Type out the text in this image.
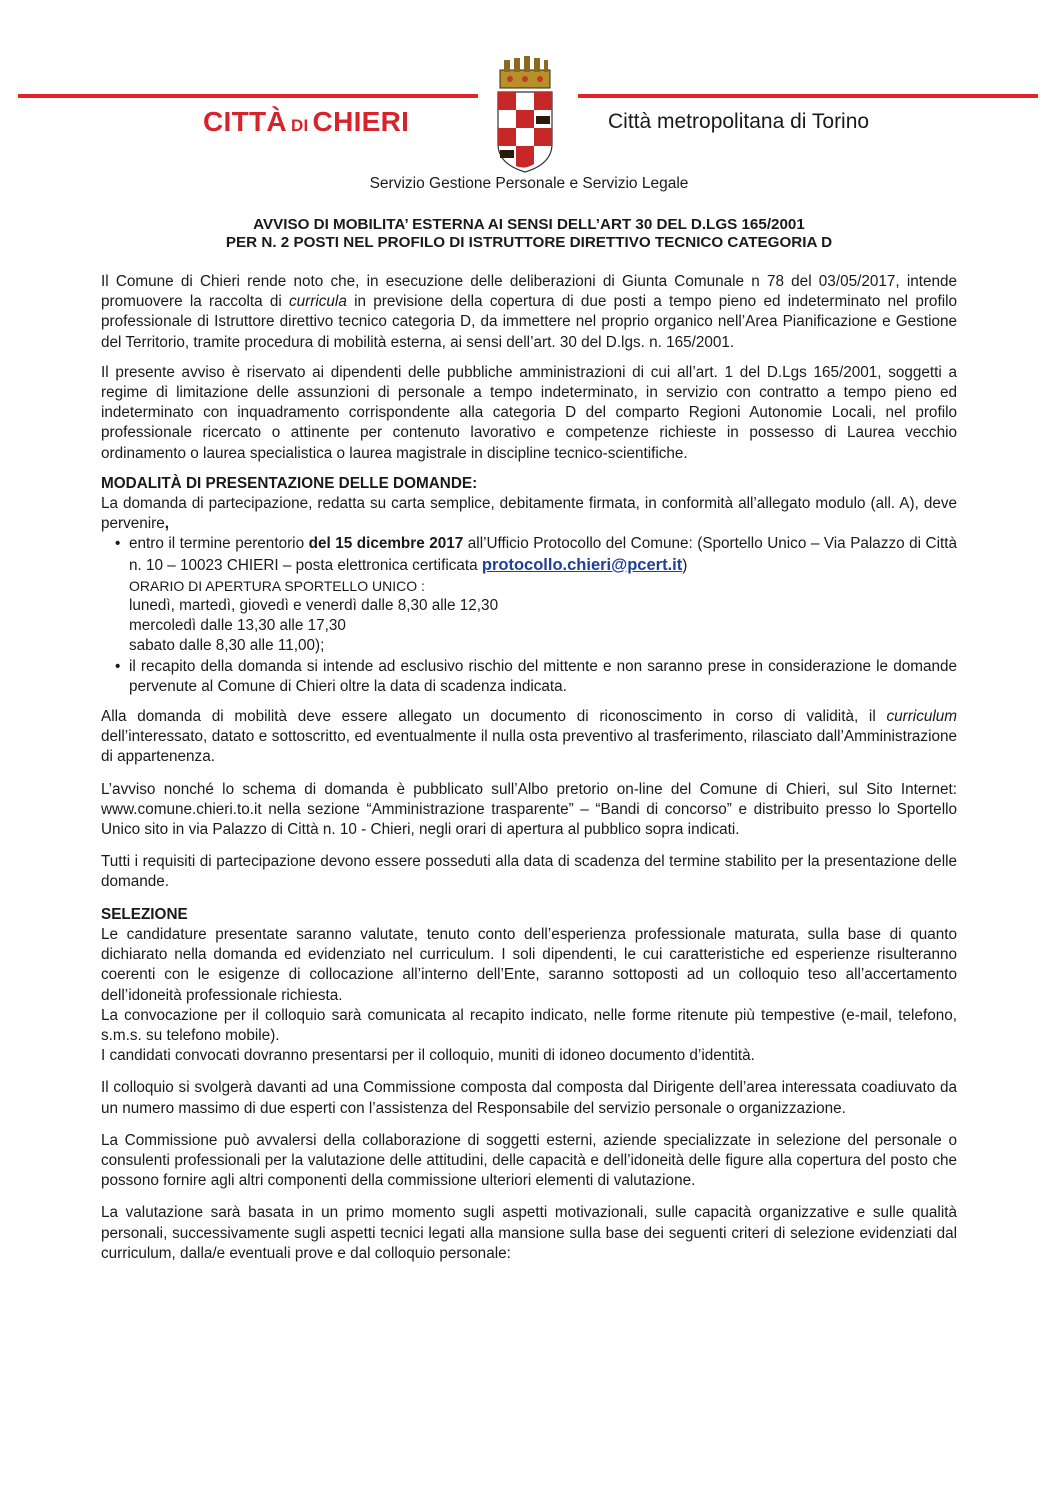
CITTÀ DI CHIERI	Città metropolitana di Torino
Servizio Gestione Personale e Servizio Legale
AVVISO DI MOBILITA’ ESTERNA AI SENSI DELL’ART 30 DEL D.LGS 165/2001
PER N. 2 POSTI NEL PROFILO DI ISTRUTTORE DIRETTIVO TECNICO CATEGORIA D

Il Comune di Chieri rende noto che, in esecuzione delle deliberazioni di Giunta Comunale n 78 del 03/05/2017, intende promuovere la raccolta di curricula in previsione della copertura di due posti a tempo pieno ed indeterminato nel profilo professionale di Istruttore direttivo tecnico categoria D, da immettere nel proprio organico nell’Area Pianificazione e Gestione del Territorio, tramite procedura di mobilità esterna, ai sensi dell’art. 30 del D.lgs. n. 165/2001.

Il presente avviso è riservato ai dipendenti delle pubbliche amministrazioni di cui all’art. 1 del D.Lgs 165/2001, soggetti a regime di limitazione delle assunzioni di personale a tempo indeterminato, in servizio con contratto a tempo pieno ed indeterminato con inquadramento corrispondente alla categoria D del comparto Regioni Autonomie Locali, nel profilo professionale ricercato o attinente per contenuto lavorativo e competenze richieste in possesso di Laurea vecchio ordinamento o laurea specialistica o laurea magistrale in discipline tecnico-scientifiche.

MODALITÀ DI PRESENTAZIONE DELLE DOMANDE:

La domanda di partecipazione, redatta su carta semplice, debitamente firmata, in conformità all’allegato modulo (all. A), deve pervenire,

• entro il termine perentorio del 15 dicembre 2017 all’Ufficio Protocollo del Comune: (Sportello Unico – Via Palazzo di Città n. 10 – 10023 CHIERI – posta elettronica certificata protocollo.chieri@pcert.it)
ORARIO DI APERTURA SPORTELLO UNICO :
lunedì, martedì, giovedì e venerdì dalle 8,30 alle 12,30
mercoledì dalle 13,30 alle 17,30
sabato dalle 8,30 alle 11,00);
• il recapito della domanda si intende ad esclusivo rischio del mittente e non saranno prese in considerazione le domande pervenute al Comune di Chieri oltre la data di scadenza indicata.

Alla domanda di mobilità deve essere allegato un documento di riconoscimento in corso di validità, il curriculum dell’interessato, datato e sottoscritto, ed eventualmente il nulla osta preventivo al trasferimento, rilasciato dall’Amministrazione di appartenenza.

L’avviso nonché lo schema di domanda è pubblicato sull’Albo pretorio on-line del Comune di Chieri, sul Sito Internet: www.comune.chieri.to.it nella sezione “Amministrazione trasparente” – “Bandi di concorso” e distribuito presso lo Sportello Unico sito in via Palazzo di Città n. 10 - Chieri, negli orari di apertura al pubblico sopra indicati.

Tutti i requisiti di partecipazione devono essere posseduti alla data di scadenza del termine stabilito per la presentazione delle domande.

SELEZIONE

Le candidature presentate saranno valutate, tenuto conto dell’esperienza professionale maturata, sulla base di quanto dichiarato nella domanda ed evidenziato nel curriculum. I soli dipendenti, le cui caratteristiche ed esperienze risulteranno coerenti con le esigenze di collocazione all’interno dell’Ente, saranno sottoposti ad un colloquio teso all’accertamento dell’idoneità professionale richiesta.

La convocazione per il colloquio sarà comunicata al recapito indicato, nelle forme ritenute più tempestive (e-mail, telefono, s.m.s. su telefono mobile).

I candidati convocati dovranno presentarsi per il colloquio, muniti di idoneo documento d’identità.

Il colloquio si svolgerà davanti ad una Commissione composta dal composta dal Dirigente dell’area interessata coadiuvato da un numero massimo di due esperti con l’assistenza del Responsabile del servizio personale o organizzazione.

La Commissione può avvalersi della collaborazione di soggetti esterni, aziende specializzate in selezione del personale o consulenti professionali per la valutazione delle attitudini, delle capacità e dell’idoneità delle figure alla copertura del posto che possono fornire agli altri componenti della commissione ulteriori elementi di valutazione.

La valutazione sarà basata in un primo momento sugli aspetti motivazionali, sulle capacità organizzative e sulle qualità personali, successivamente sugli aspetti tecnici legati alla mansione sulla base dei seguenti criteri di selezione evidenziati dal curriculum, dalla/e eventuali prove e dal colloquio personale:
